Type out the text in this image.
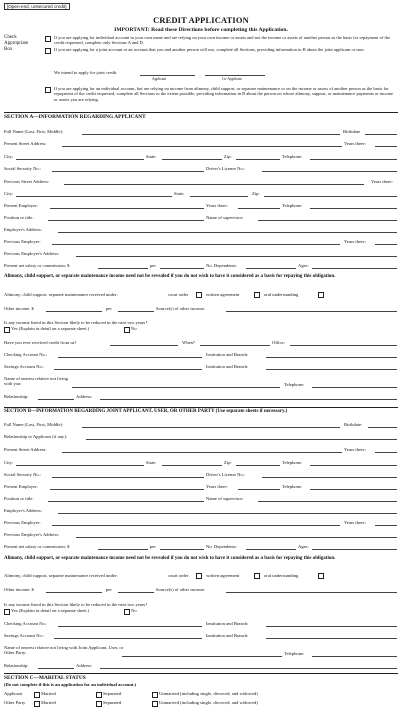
[Open-end, unsecured credit]
CREDIT APPLICATION
IMPORTANT: Read these Directions before completing this Application.
Check Appropriate Box
If you are applying for individual account in your own name and are relying on your own income or assets and not the income or assets of another person as the basis for repayment of the credit requested, complete only Sections A and D.
If you are applying for a joint account or an account that you and another person will use, complete all Sections, providing information in B about the joint applicant or user.
We intend to apply for joint credit
Applicant	Co-Applicant
If you are applying for an individual account, but are relying on income from alimony, child support, or separate maintenance or on the income or assets of another person as the basis for repayment of the credit requested, complete all Sections to the extent possible, providing information in B about the person on whose alimony, support, or maintenance payments or income or assets you are relying.
SECTION A—INFORMATION REGARDING APPLICANT
Full Name (Last, First, Middle):	Birthdate
Present Street Address:	Years there:
City:	State:	Zip:	Telephone:
Social Security No.:	Driver's License No.:
Previous Street Address:	Years there:
City:	State:	Zip:
Present Employer:	Years there:	Telephone:
Position or title:	Name of supervisor:
Employer's Address:
Previous Employer:	Years there:
Previous Employer's Address:
Present net salary or commission: $	per	No. Dependents:	Ages:
Alimony, child support, or separate maintenance income need not be revealed if you do not wish to have it considered as a basis for repaying this obligation.
Alimony, child support, separate maintenance received under:	court order	written agreement	oral understanding
Other income: $	per	Source(s) of other income:
Is any income listed in this Section likely to be reduced in the next two years?
Yes (Explain in detail on a separate sheet.)	No
Have you ever received credit from us?	When?	Office:
Checking Account No.:	Institution and Branch:
Savings Account No.:	Institution and Branch:
Name of nearest relative not living with you:	Telephone:
Relationship:	Address:
SECTION B—INFORMATION REGARDING JOINT APPLICANT, USER, OR OTHER PARTY (Use separate sheets if necessary.)
Full Name (Last, First, Middle):	Birthdate:
Relationship to Applicant (if any):
Present Street Address:	Years there:
City:	State:	Zip:	Telephone:
Social Security No.:	Driver's License No.:
Present Employer:	Years there:	Telephone:
Position or title:	Name of supervisor:
Employer's Address:
Previous Employer:	Years there:
Previous Employer's Address:
Present net salary or commission: $	per	No. Dependents:	Ages:
Alimony, child support, or separate maintenance income need not be revealed if you do not wish to have it considered as a basis for repaying this obligation.
Alimony, child support, separate maintenance received under:	court order	written agreement	oral understanding
Other income: $	per	Source(s) of other income:
Is any income listed in this Section likely to be reduced in the next two years?
Yes (Explain in detail on a separate sheet.)	No
Checking Account No.:	Institution and Branch:
Savings Account No.:	Institution and Branch:
Name of nearest relative not living with Joint Applicant, User, or Other Party:	Telephone:
Relationship:	Address:
SECTION C—MARITAL STATUS
(Do not complete if this is an application for an individual account.)
Applicant	Married	Separated	Unmarried (including single, divorced, and widowed)
Other Party	Married	Separated	Unmarried (including single, divorced, and widowed)
